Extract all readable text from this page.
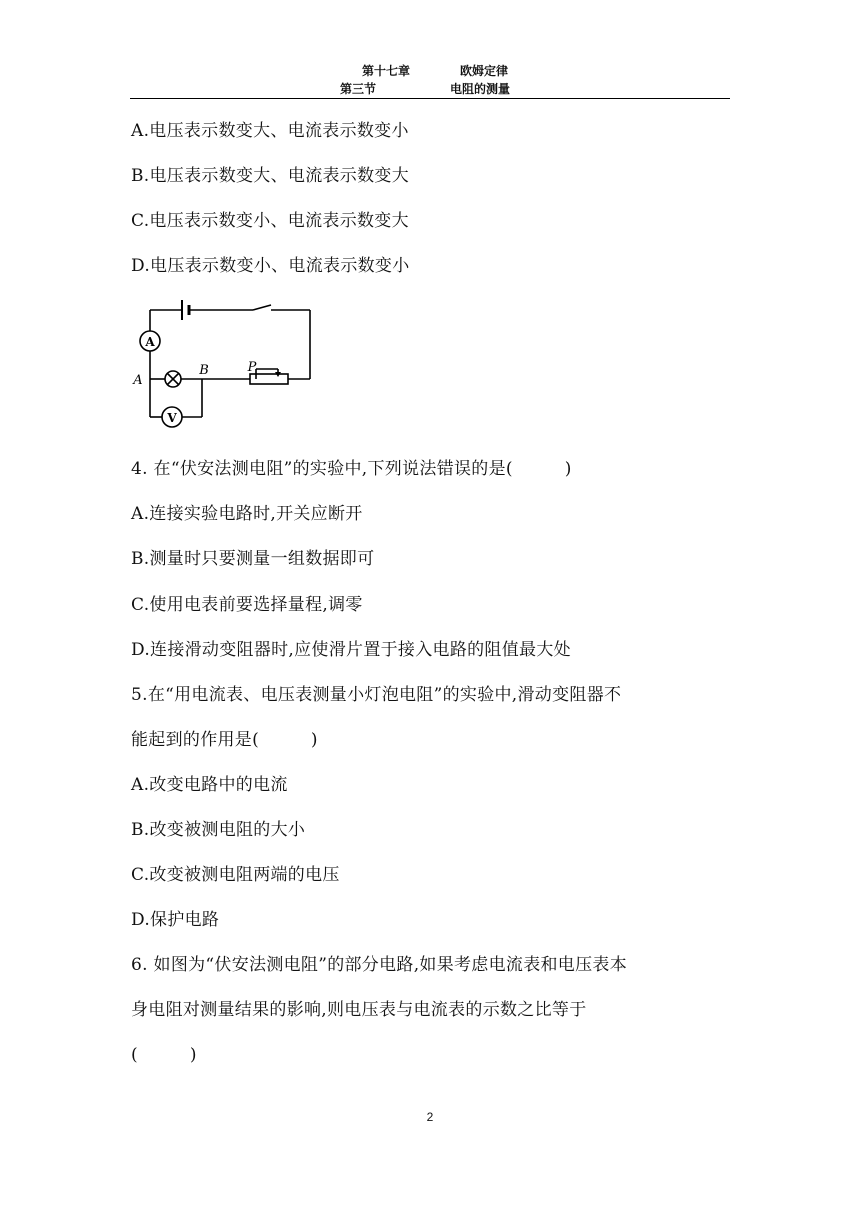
第十七章	欧姆定律
第三节	电阻的测量
A.电压表示数变大、电流表示数变小
B.电压表示数变大、电流表示数变大
C.电压表示数变小、电流表示数变大
D.电压表示数变小、电流表示数变小
A
V
A
B	P
4. 在“伏安法测电阻”的实验中,下列说法错误的是(　　　)
A.连接实验电路时,开关应断开
B.测量时只要测量一组数据即可
C.使用电表前要选择量程,调零
D.连接滑动变阻器时,应使滑片置于接入电路的阻值最大处
5.在“用电流表、电压表测量小灯泡电阻”的实验中,滑动变阻器不
能起到的作用是(　　　)
A.改变电路中的电流
B.改变被测电阻的大小
C.改变被测电阻两端的电压
D.保护电路
6. 如图为“伏安法测电阻”的部分电路,如果考虑电流表和电压表本
身电阻对测量结果的影响,则电压表与电流表的示数之比等于
(　　　)
2
